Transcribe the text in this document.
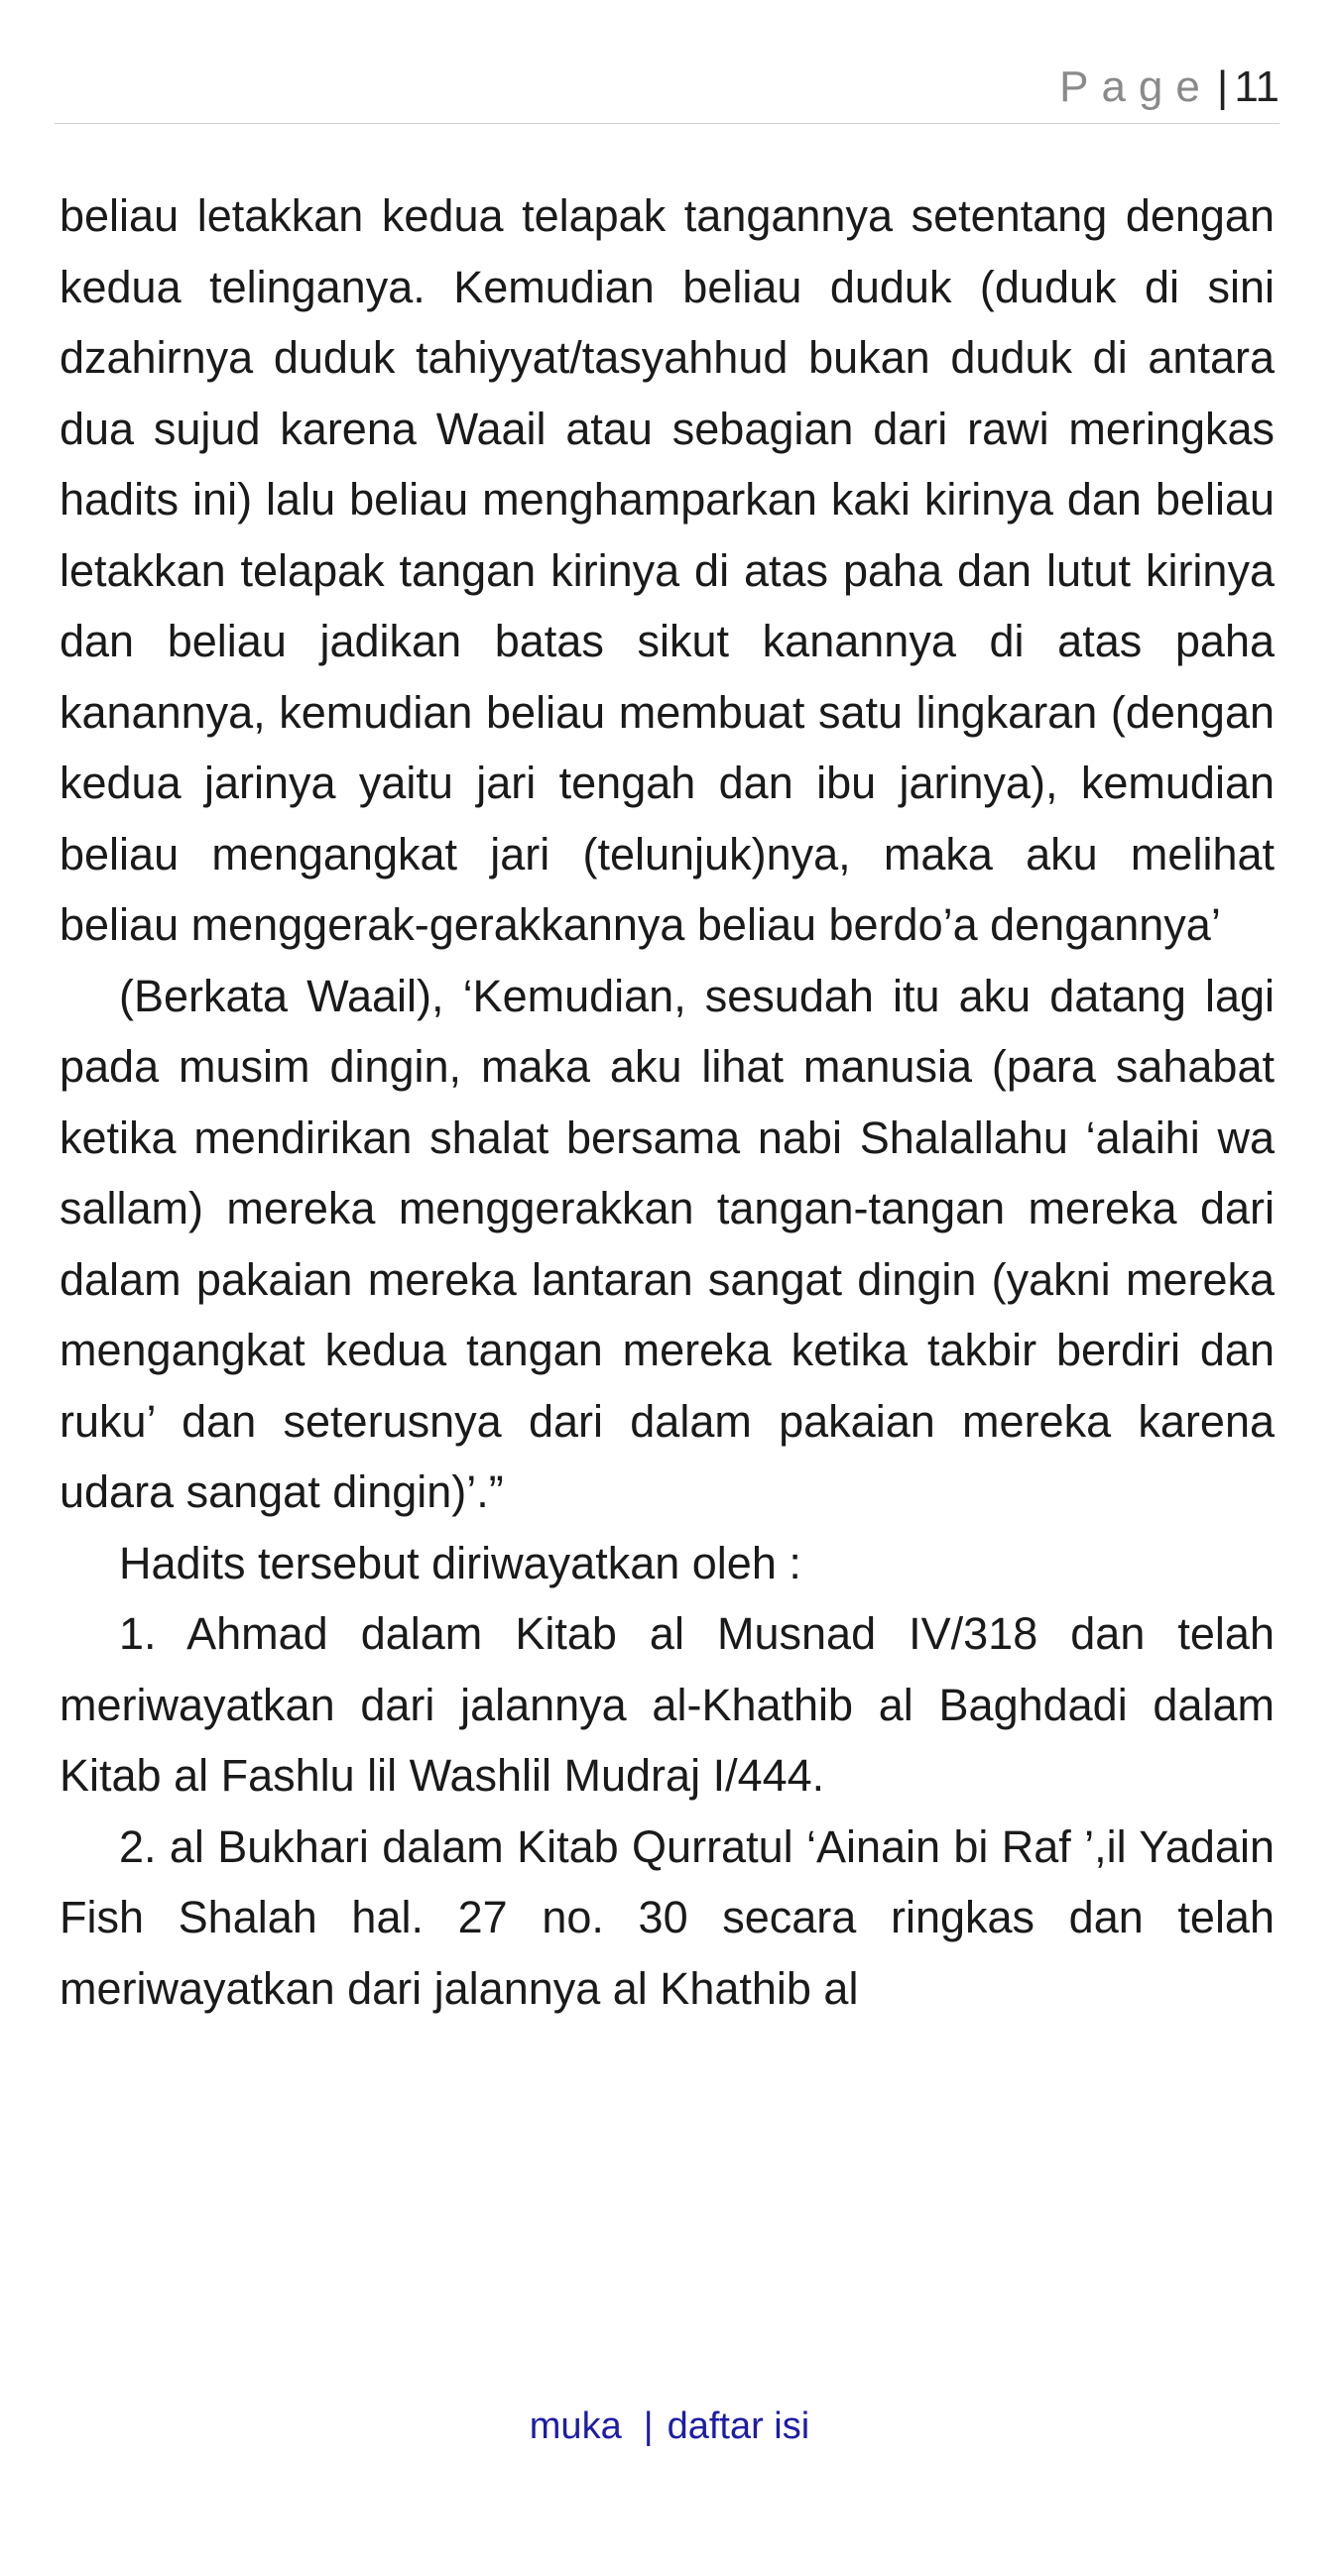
Page| 11

beliau letakkan kedua telapak tangannya setentang dengan kedua telinganya. Kemudian beliau duduk (duduk di sini dzahirnya duduk tahiyyat/tasyahhud bukan duduk di antara dua sujud karena Waail atau sebagian dari rawi meringkas hadits ini) lalu beliau menghamparkan kaki kirinya dan beliau letakkan telapak tangan kirinya di atas paha dan lutut kirinya dan beliau jadikan batas sikut kanannya di atas paha kanannya, kemudian beliau membuat satu lingkaran (dengan kedua jarinya yaitu jari tengah dan ibu jarinya), kemudian beliau mengangkat jari (telunjuk)nya, maka aku melihat beliau menggerak-gerakkannya beliau berdo’a dengannya’

(Berkata Waail), ‘Kemudian, sesudah itu aku datang lagi pada musim dingin, maka aku lihat manusia (para sahabat ketika mendirikan shalat bersama nabi Shalallahu ‘alaihi wa sallam) mereka menggerakkan tangan-tangan mereka dari dalam pakaian mereka lantaran sangat dingin (yakni mereka mengangkat kedua tangan mereka ketika takbir berdiri dan ruku’ dan seterusnya dari dalam pakaian mereka karena udara sangat dingin)’.”

Hadits tersebut diriwayatkan oleh :

1. Ahmad dalam Kitab al Musnad IV/318 dan telah meriwayatkan dari jalannya al-Khathib al Baghdadi dalam Kitab al Fashlu lil Washlil Mudraj I/444.

2. al Bukhari dalam Kitab Qurratul ‘Ainain bi Raf ’,il Yadain Fish Shalah hal. 27 no. 30 secara ringkas dan telah meriwayatkan dari jalannya al Khathib al

muka | daftar isi
